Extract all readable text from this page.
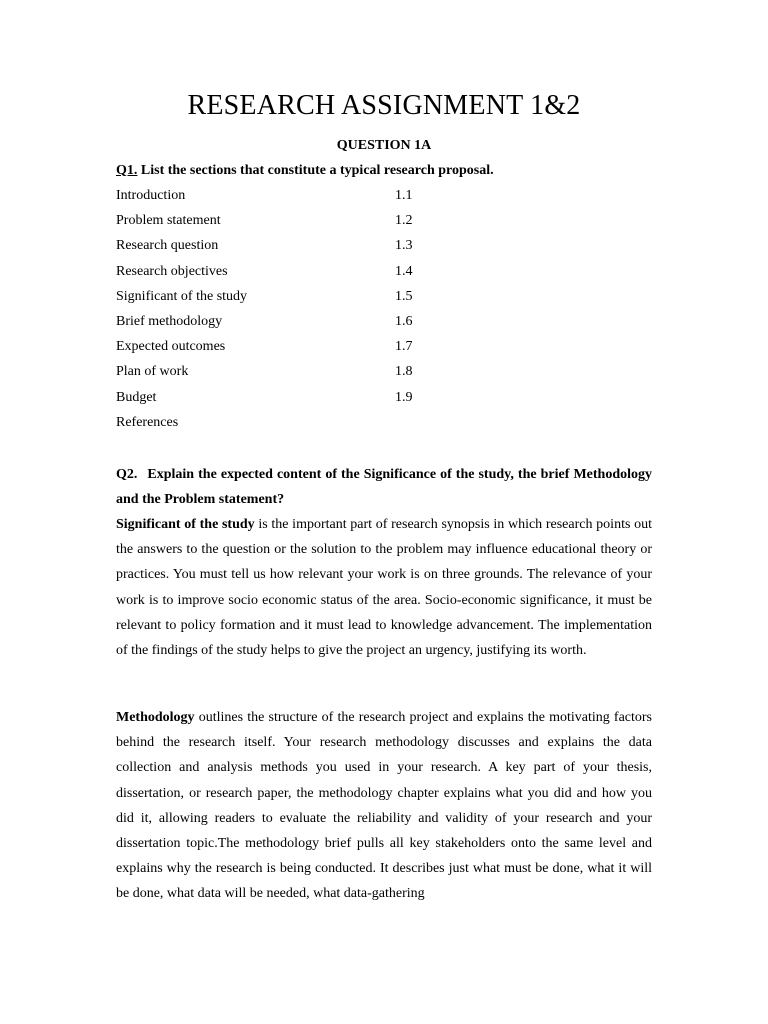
RESEARCH ASSIGNMENT 1&2
QUESTION 1A

Q1. List the sections that constitute a typical research proposal.

Introduction	1.1
Problem statement	1.2
Research question	1.3
Research objectives	1.4
Significant of the study	1.5
Brief methodology	1.6
Expected outcomes	1.7
Plan of work	1.8
Budget	1.9
References

Q2. Explain the expected content of the Significance of the study, the brief Methodology and the Problem statement?

Significant of the study is the important part of research synopsis in which research points out the answers to the question or the solution to the problem may influence educational theory or practices. You must tell us how relevant your work is on three grounds. The relevance of your work is to improve socio economic status of the area. Socio-economic significance, it must be relevant to policy formation and it must lead to knowledge advancement. The implementation of the findings of the study helps to give the project an urgency, justifying its worth.

Methodology outlines the structure of the research project and explains the motivating factors behind the research itself. Your research methodology discusses and explains the data collection and analysis methods you used in your research. A key part of your thesis, dissertation, or research paper, the methodology chapter explains what you did and how you did it, allowing readers to evaluate the reliability and validity of your research and your dissertation topic.The methodology brief pulls all key stakeholders onto the same level and explains why the research is being conducted. It describes just what must be done, what it will be done, what data will be needed, what data-gathering
